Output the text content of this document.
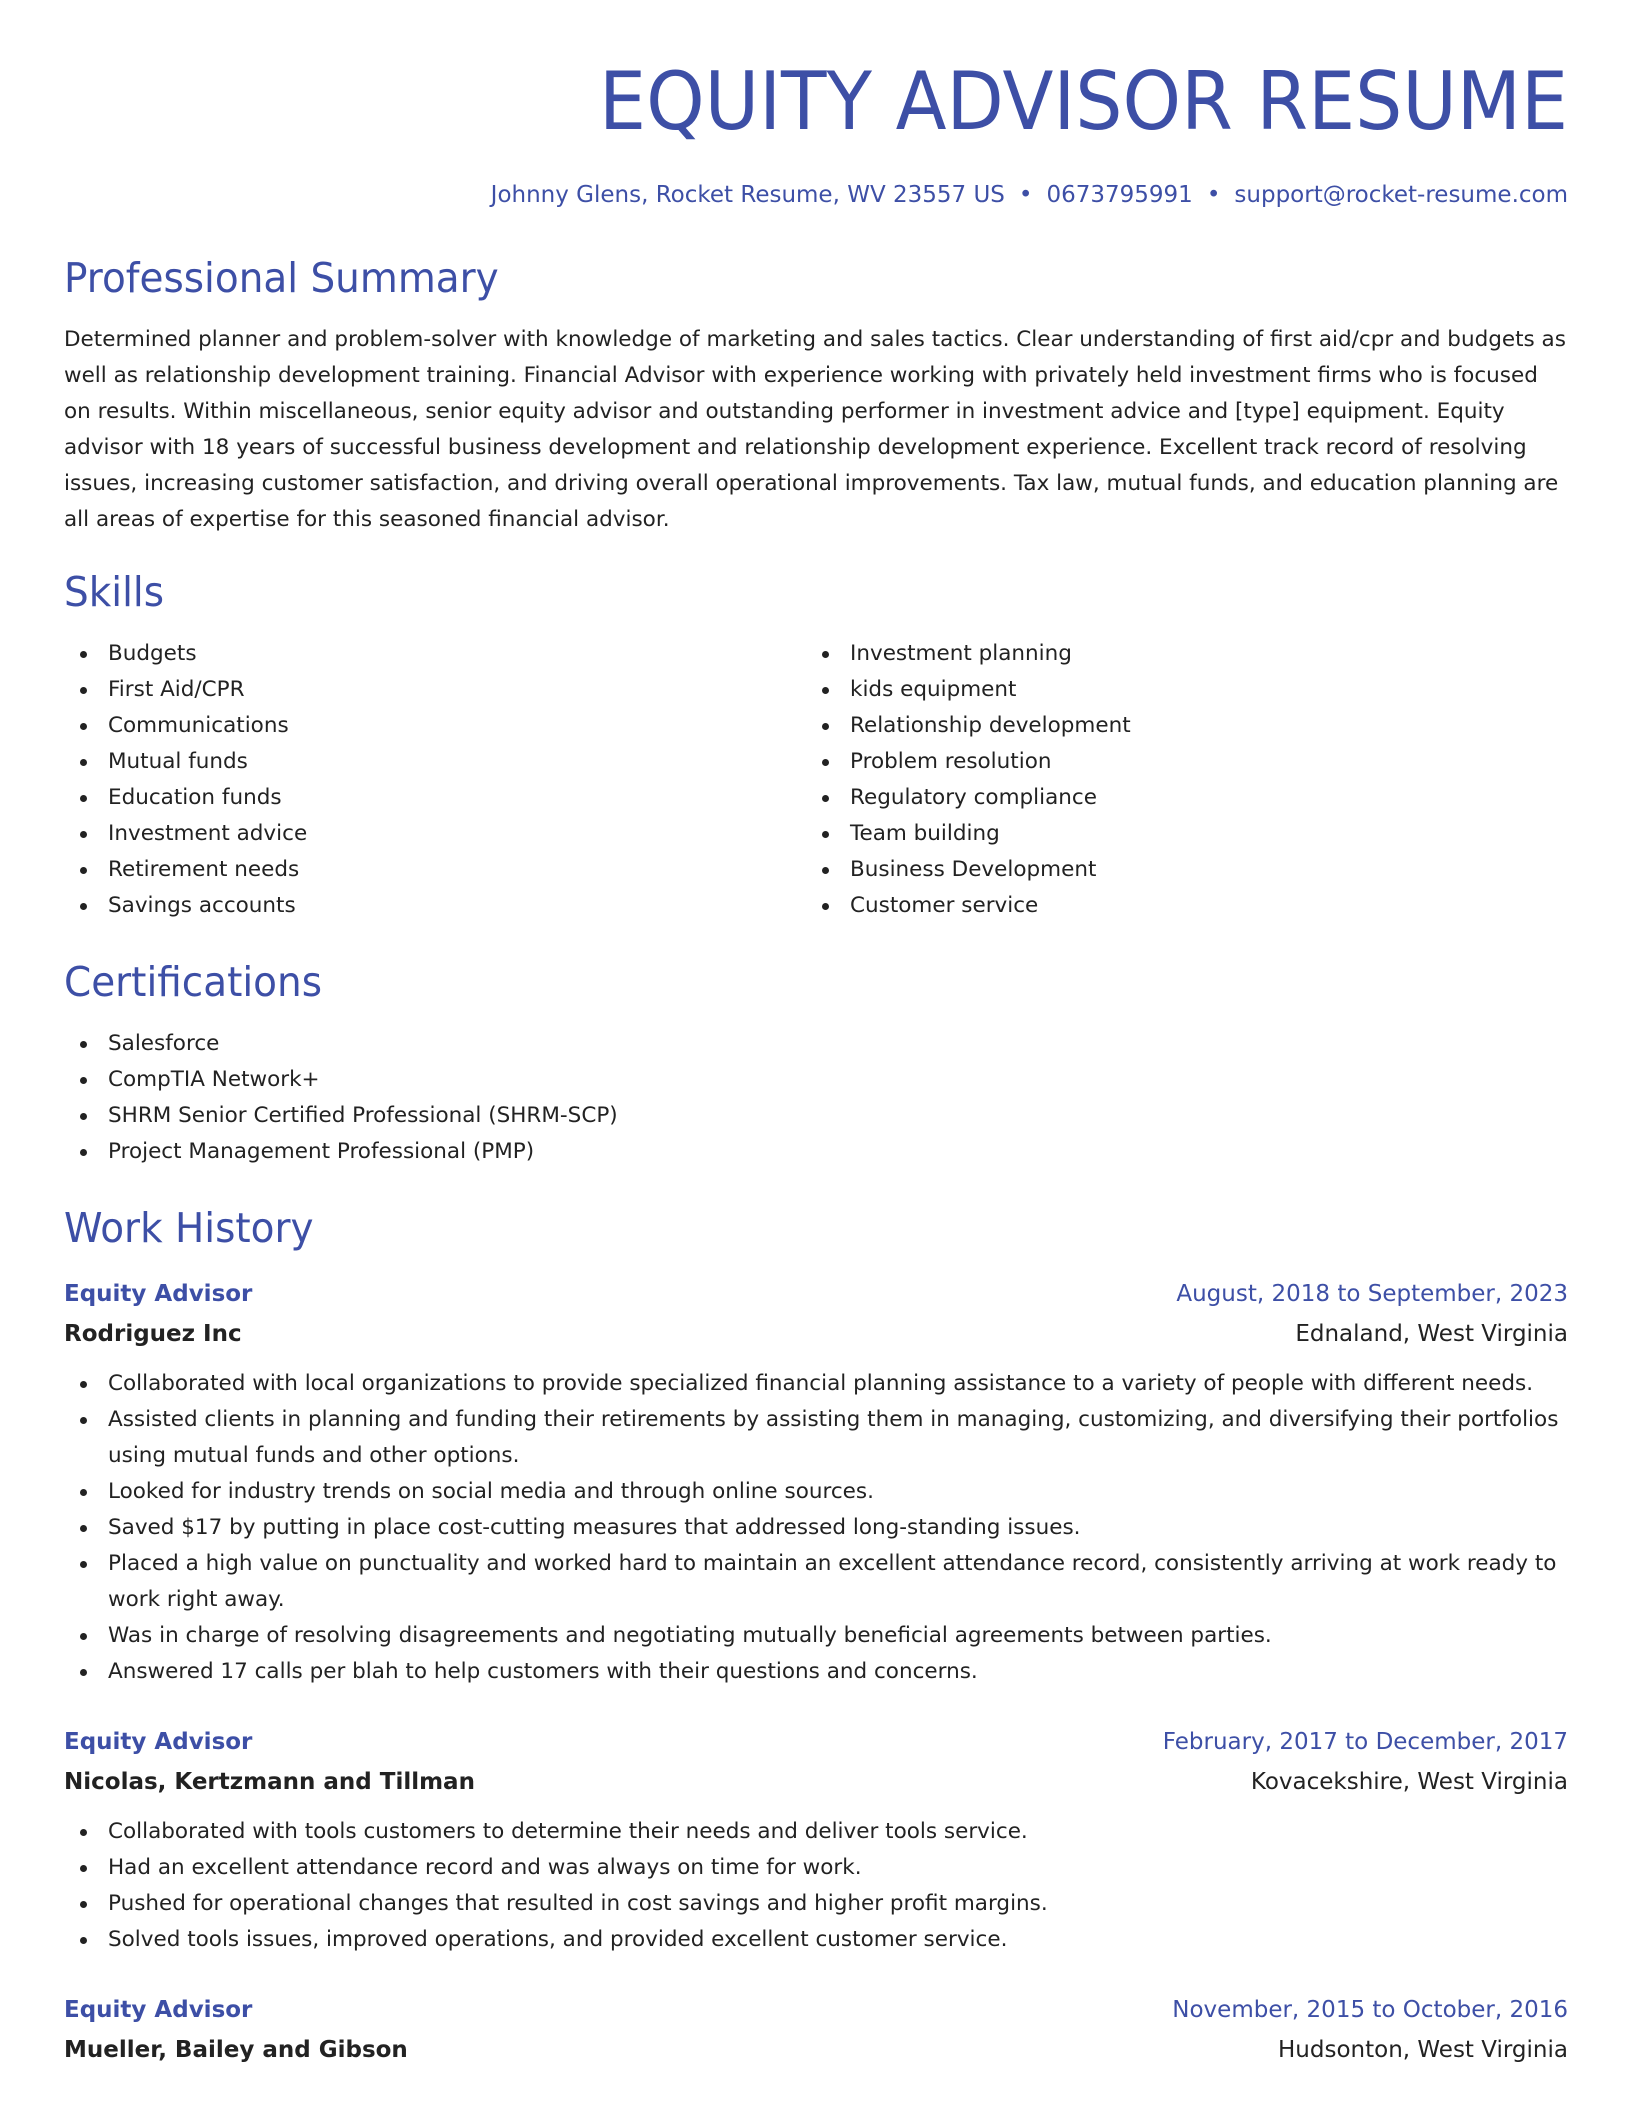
EQUITY ADVISOR RESUME
Johnny Glens, Rocket Resume, WV 23557 US • 0673795991 • support@rocket-resume.com
Professional Summary

Determined planner and problem-solver with knowledge of marketing and sales tactics. Clear understanding of first aid/cpr and budgets as well as relationship development training. Financial Advisor with experience working with privately held investment firms who is focused on results. Within miscellaneous, senior equity advisor and outstanding performer in investment advice and [type] equipment. Equity advisor with 18 years of successful business development and relationship development experience. Excellent track record of resolving issues, increasing customer satisfaction, and driving overall operational improvements. Tax law, mutual funds, and education planning are all areas of expertise for this seasoned financial advisor.

Skills
Budgets
First Aid/CPR
Communications
Mutual funds
Education funds
Investment advice
Retirement needs
Savings accounts
Investment planning
kids equipment
Relationship development
Problem resolution
Regulatory compliance
Team building
Business Development
Customer service
Certifications
Salesforce
CompTIA Network+
SHRM Senior Certified Professional (SHRM-SCP)
Project Management Professional (PMP)
Work History
Equity Advisor	August, 2018 to September, 2023
Rodriguez Inc	Ednaland, West Virginia
Collaborated with local organizations to provide specialized financial planning assistance to a variety of people with different needs.
Assisted clients in planning and funding their retirements by assisting them in managing, customizing, and diversifying their portfolios using mutual funds and other options.
Looked for industry trends on social media and through online sources.
Saved $17 by putting in place cost-cutting measures that addressed long-standing issues.
Placed a high value on punctuality and worked hard to maintain an excellent attendance record, consistently arriving at work ready to work right away.
Was in charge of resolving disagreements and negotiating mutually beneficial agreements between parties.
Answered 17 calls per blah to help customers with their questions and concerns.
Equity Advisor	February, 2017 to December, 2017
Nicolas, Kertzmann and Tillman	Kovacekshire, West Virginia
Collaborated with tools customers to determine their needs and deliver tools service.
Had an excellent attendance record and was always on time for work.
Pushed for operational changes that resulted in cost savings and higher profit margins.
Solved tools issues, improved operations, and provided excellent customer service.
Equity Advisor	November, 2015 to October, 2016
Mueller, Bailey and Gibson	Hudsonton, West Virginia
